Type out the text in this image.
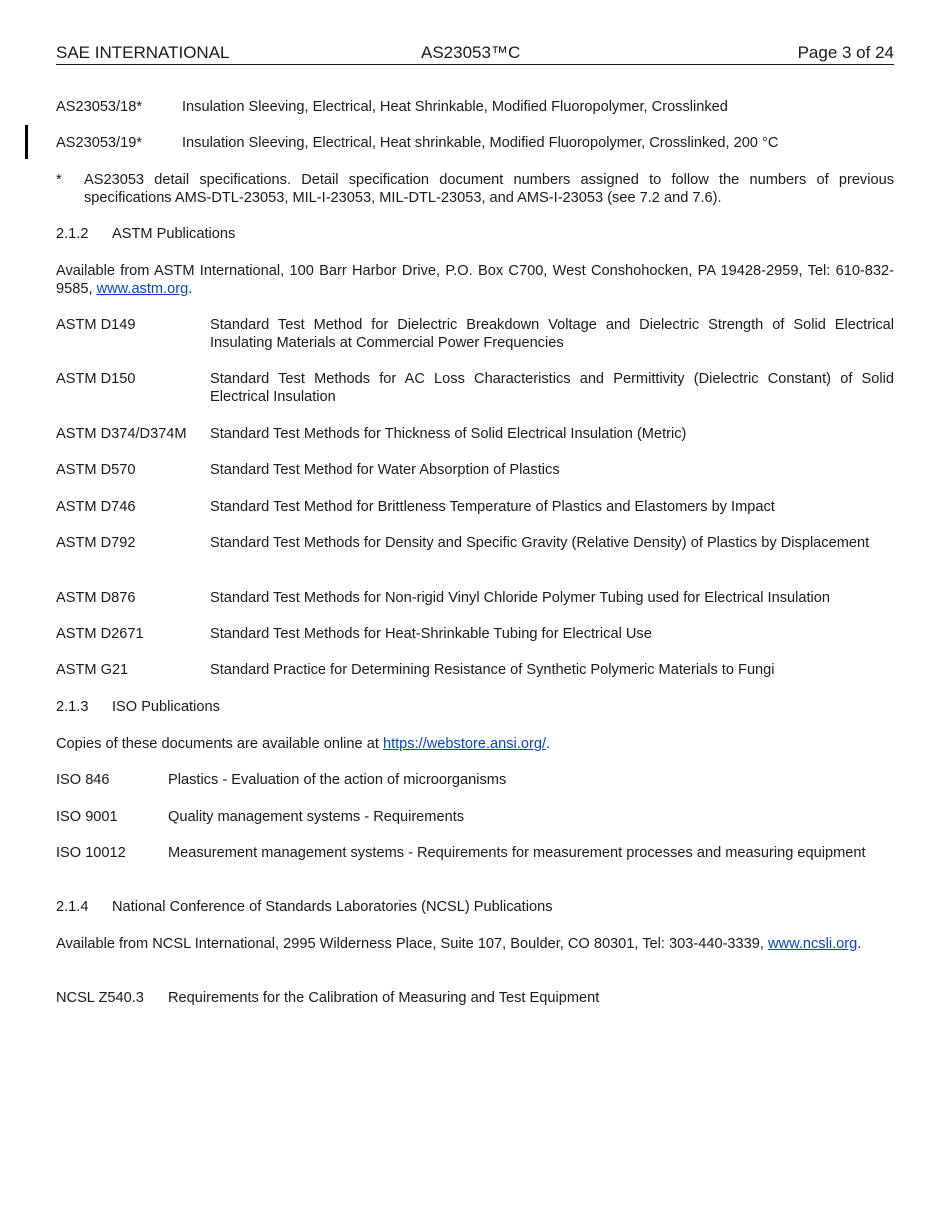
SAE INTERNATIONAL	AS23053™C	Page 3 of 24
AS23053/18*	Insulation Sleeving, Electrical, Heat Shrinkable, Modified Fluoropolymer, Crosslinked
AS23053/19*	Insulation Sleeving, Electrical, Heat shrinkable, Modified Fluoropolymer, Crosslinked, 200 °C
*	AS23053 detail specifications. Detail specification document numbers assigned to follow the numbers of previous specifications AMS-DTL-23053, MIL-I-23053, MIL-DTL-23053, and AMS-I-23053 (see 7.2 and 7.6).
2.1.2 ASTM Publications
Available from ASTM International, 100 Barr Harbor Drive, P.O. Box C700, West Conshohocken, PA 19428-2959, Tel: 610-832-9585, www.astm.org.
ASTM D149	Standard Test Method for Dielectric Breakdown Voltage and Dielectric Strength of Solid Electrical Insulating Materials at Commercial Power Frequencies
ASTM D150	Standard Test Methods for AC Loss Characteristics and Permittivity (Dielectric Constant) of Solid Electrical Insulation
ASTM D374/D374M	Standard Test Methods for Thickness of Solid Electrical Insulation (Metric)
ASTM D570	Standard Test Method for Water Absorption of Plastics
ASTM D746	Standard Test Method for Brittleness Temperature of Plastics and Elastomers by Impact
ASTM D792	Standard Test Methods for Density and Specific Gravity (Relative Density) of Plastics by Displacement
ASTM D876	Standard Test Methods for Non-rigid Vinyl Chloride Polymer Tubing used for Electrical Insulation
ASTM D2671	Standard Test Methods for Heat-Shrinkable Tubing for Electrical Use
ASTM G21	Standard Practice for Determining Resistance of Synthetic Polymeric Materials to Fungi
2.1.3 ISO Publications
Copies of these documents are available online at https://webstore.ansi.org/.
ISO 846	Plastics - Evaluation of the action of microorganisms
ISO 9001	Quality management systems - Requirements
ISO 10012	Measurement management systems - Requirements for measurement processes and measuring equipment
2.1.4 National Conference of Standards Laboratories (NCSL) Publications
Available from NCSL International, 2995 Wilderness Place, Suite 107, Boulder, CO 80301, Tel: 303-440-3339, www.ncsli.org.
NCSL Z540.3	Requirements for the Calibration of Measuring and Test Equipment
